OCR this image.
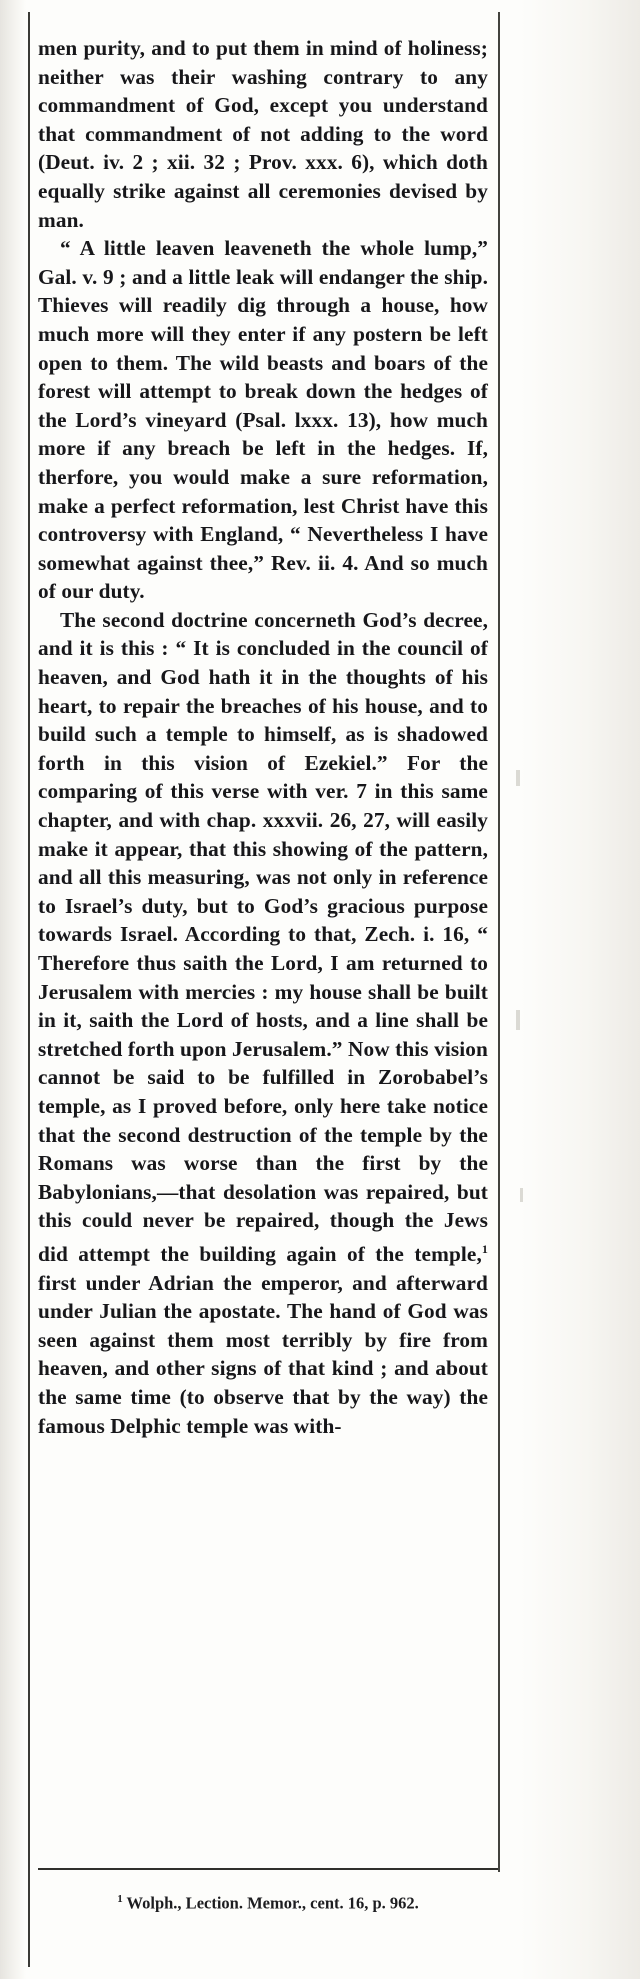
men purity, and to put them in mind of holiness; neither was their washing contrary to any commandment of God, except you understand that commandment of not adding to the word (Deut. iv. 2 ; xii. 32 ; Prov. xxx. 6), which doth equally strike against all ceremonies devised by man.

“ A little leaven leaveneth the whole lump,” Gal. v. 9 ; and a little leak will endanger the ship. Thieves will readily dig through a house, how much more will they enter if any postern be left open to them. The wild beasts and boars of the forest will attempt to break down the hedges of the Lord’s vineyard (Psal. lxxx. 13), how much more if any breach be left in the hedges. If, therfore, you would make a sure reformation, make a perfect reformation, lest Christ have this controversy with England, “ Nevertheless I have somewhat against thee,” Rev. ii. 4. And so much of our duty.

The second doctrine concerneth God’s decree, and it is this : “ It is concluded in the council of heaven, and God hath it in the thoughts of his heart, to repair the breaches of his house, and to build such a temple to himself, as is shadowed forth in this vision of Ezekiel.” For the comparing of this verse with ver. 7 in this same chapter, and with chap. xxxvii. 26, 27, will easily make it appear, that this showing of the pattern, and all this measuring, was not only in reference to Israel’s duty, but to God’s gracious purpose towards Israel. According to that, Zech. i. 16, “ Therefore thus saith the Lord, I am returned to Jerusalem with mercies : my house shall be built in it, saith the Lord of hosts, and a line shall be stretched forth upon Jerusalem.” Now this vision cannot be said to be fulfilled in Zorobabel’s temple, as I proved before, only here take notice that the second destruction of the temple by the Romans was worse than the first by the Babylonians,—that desolation was repaired, but this could never be repaired, though the Jews did attempt the building again of the temple,$^1$ first under Adrian the emperor, and afterward under Julian the apostate. The hand of God was seen against them most terribly by fire from heaven, and other signs of that kind ; and about the same time (to observe that by the way) the famous Delphic temple was with-

$^1$ Wolph., Lection. Memor., cent. 16, p. 962.
